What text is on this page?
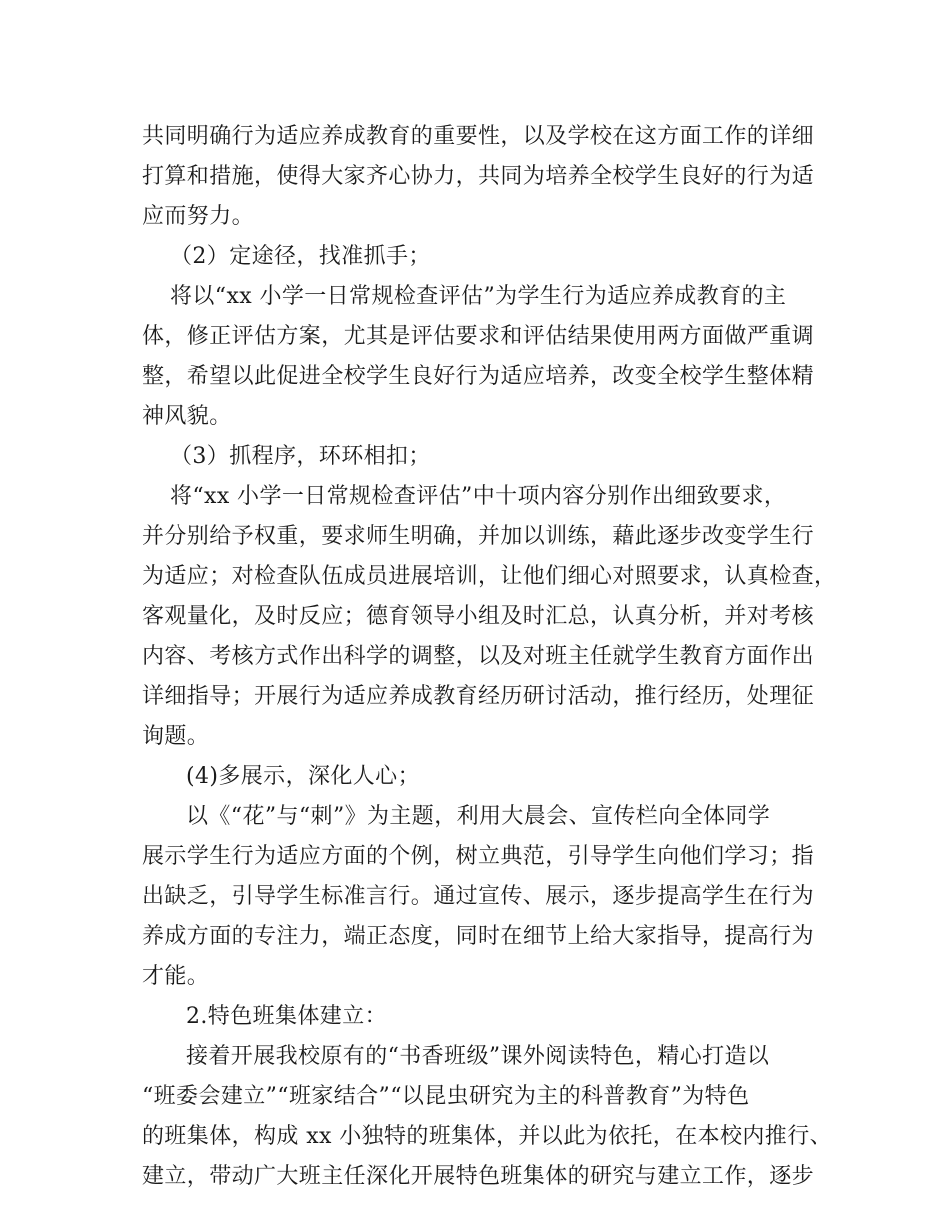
共同明确行为适应养成教育的重要性，以及学校在这方面工作的详细
打算和措施，使得大家齐心协力，共同为培养全校学生良好的行为适
应而努力。
（2）定途径，找准抓手；
将以“xx 小学一日常规检查评估”为学生行为适应养成教育的主
体，修正评估方案，尤其是评估要求和评估结果使用两方面做严重调
整，希望以此促进全校学生良好行为适应培养，改变全校学生整体精
神风貌。
（3）抓程序，环环相扣；
将“xx 小学一日常规检查评估”中十项内容分别作出细致要求，
并分别给予权重，要求师生明确，并加以训练，藉此逐步改变学生行
为适应；对检查队伍成员进展培训，让他们细心对照要求，认真检查，
客观量化，及时反应；德育领导小组及时汇总，认真分析，并对考核
内容、考核方式作出科学的调整，以及对班主任就学生教育方面作出
详细指导；开展行为适应养成教育经历研讨活动，推行经历，处理征
询题。
(4)多展示，深化人心；
以《“花”与“刺”》为主题，利用大晨会、宣传栏向全体同学
展示学生行为适应方面的个例，树立典范，引导学生向他们学习；指
出缺乏，引导学生标准言行。通过宣传、展示，逐步提高学生在行为
养成方面的专注力，端正态度，同时在细节上给大家指导，提高行为
才能。
2.特色班集体建立：
接着开展我校原有的“书香班级”课外阅读特色，精心打造以
“班委会建立”“班家结合”“以昆虫研究为主的科普教育”为特色
的班集体，构成 xx 小独特的班集体，并以此为依托，在本校内推行、
建立，带动广大班主任深化开展特色班集体的研究与建立工作，逐步
